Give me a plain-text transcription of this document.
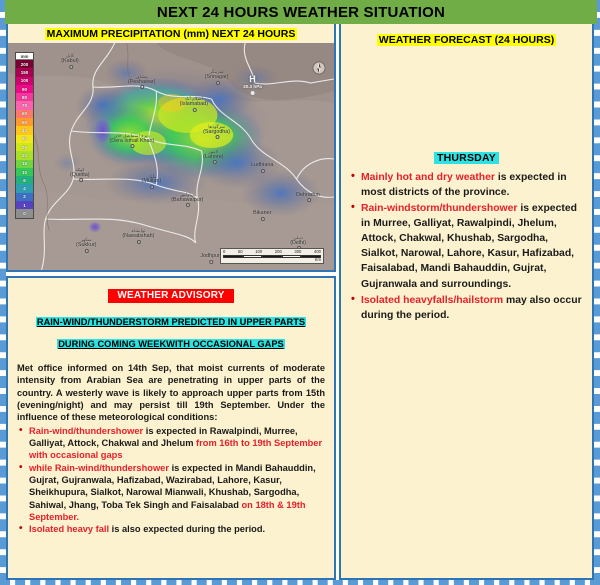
NEXT 24 HOURS WEATHER SITUATION
MAXIMUM PRECIPITATION (mm) NEXT 24 HOURS
mm
200
150
100
90
80
70
60
50
40
30
25
20
15
10
6
4
2
1
0
کابل
(Kabul)
پیشاور
(Peshawar)
سرینگر
(Srinagar)
اسلام آباد
(Islamabad)
سرگودھا
(Sargodha)
دیرہ اسماعیل خان
(Dera Ismail Khan)
لاہور
(Lahore)
Ludhiana
Dehradun
ملتان
(Multan)
بہاولپور
(Bahawalpur)
Bikaner
نوابشاہ
(Nawabshah)
سکھر
(Sukkur)
کوئٹہ
(Quetta)
Jodhpur
دہلی
(Delhi)
H
30.3 hPa
0	50	100	200	300	400
Km
WEATHER ADVISORY
RAIN-WIND/THUNDERSTORM PREDICTED IN UPPER PARTS DURING COMING WEEKWITH OCCASIONAL GAPS
Met office informed on 14th Sep, that moist currents of moderate intensity from Arabian Sea are penetrating in upper parts of the country. A westerly wave is likely to approach upper parts from 15th (evening/night) and may persist till 19th September. Under the influence of these meteorological conditions:
• Rain-wind/thundershower is expected in Rawalpindi, Murree, Galliyat, Attock, Chakwal and Jhelum from 16th to 19th September with occasional gaps
• while Rain-wind/thundershower is expected in Mandi Bahauddin, Gujrat, Gujranwala, Hafizabad, Wazirabad, Lahore, Kasur, Sheikhupura, Sialkot, Narowal Mianwali, Khushab, Sargodha, Sahiwal, Jhang, Toba Tek Singh and Faisalabad on 18th & 19th September.
• Isolated heavy fall is also expected during the period.
WEATHER FORECAST (24 HOURS)
THURSDAY
• Mainly hot and dry weather is expected in most districts of the province.
• Rain-windstorm/thundershower is expected in Murree, Galliyat, Rawalpindi, Jhelum, Attock, Chakwal, Khushab, Sargodha, Sialkot, Narowal, Lahore, Kasur, Hafizabad, Faisalabad, Mandi Bahauddin, Gujrat, Gujranwala and surroundings.
• Isolated heavyfalls/hailstorm may also occur during the period.
